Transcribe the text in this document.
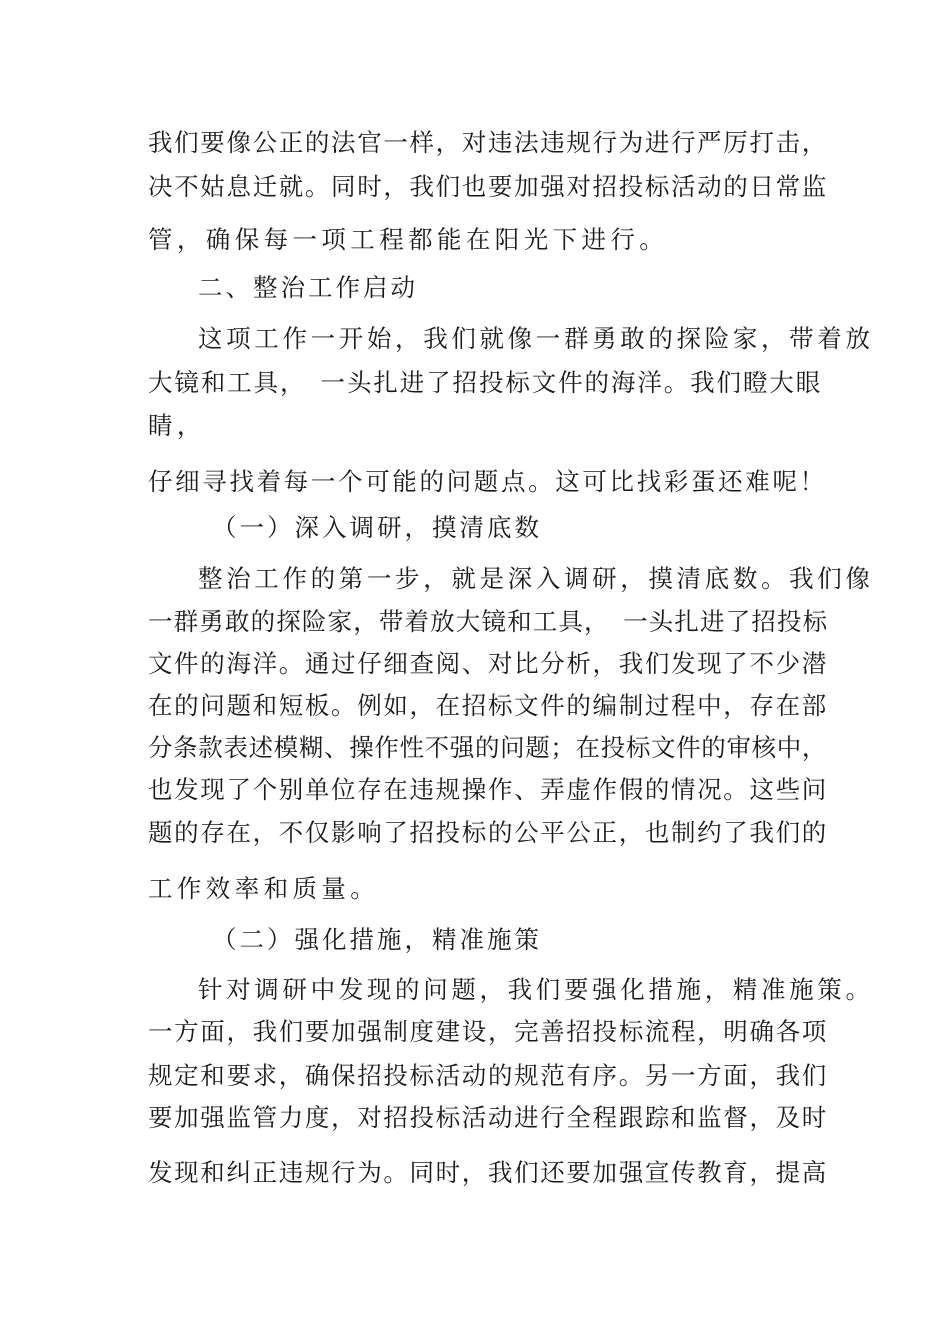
我们要像公正的法官一样，对违法违规行为进行严厉打击，
决不姑息迁就。同时，我们也要加强对招投标活动的日常监
管，确保每一项工程都能在阳光下进行。
二、整治工作启动
这项工作一开始，我们就像一群勇敢的探险家，带着放
大镜和工具，　一头扎进了招投标文件的海洋。我们瞪大眼
睛，
仔细寻找着每一个可能的问题点。这可比找彩蛋还难呢！
（一）深入调研，摸清底数
整治工作的第一步，就是深入调研，摸清底数。我们像
一群勇敢的探险家，带着放大镜和工具，　一头扎进了招投标
文件的海洋。通过仔细查阅、对比分析，我们发现了不少潜
在的问题和短板。例如，在招标文件的编制过程中，存在部
分条款表述模糊、操作性不强的问题；在投标文件的审核中，
也发现了个别单位存在违规操作、弄虚作假的情况。这些问
题的存在，不仅影响了招投标的公平公正，也制约了我们的
工作效率和质量。
（二）强化措施，精准施策
针对调研中发现的问题，我们要强化措施，精准施策。
一方面，我们要加强制度建设，完善招投标流程，明确各项
规定和要求，确保招投标活动的规范有序。另一方面，我们
要加强监管力度，对招投标活动进行全程跟踪和监督，及时
发现和纠正违规行为。同时，我们还要加强宣传教育，提高
